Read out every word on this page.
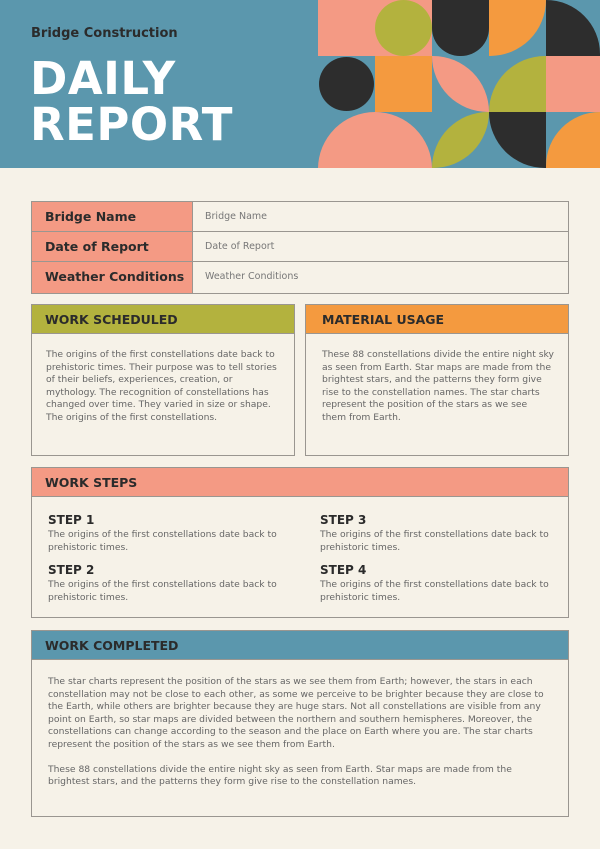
Bridge Construction
DAILY
REPORT
Bridge Name	Bridge Name
Date of Report	Date of Report
Weather Conditions	Weather Conditions
WORK SCHEDULED
The origins of the first constellations date back to prehistoric times. Their purpose was to tell stories of their beliefs, experiences, creation, or mythology. The recognition of constellations has changed over time. They varied in size or shape. The origins of the first constellations.
MATERIAL USAGE
These 88 constellations divide the entire night sky as seen from Earth. Star maps are made from the brightest stars, and the patterns they form give rise to the constellation names. The star charts represent the position of the stars as we see them from Earth.
WORK STEPS
STEP 1
The origins of the first constellations date back to prehistoric times.
STEP 2
The origins of the first constellations date back to prehistoric times.
STEP 3
The origins of the first constellations date back to prehistoric times.
STEP 4
The origins of the first constellations date back to prehistoric times.
WORK COMPLETED
The star charts represent the position of the stars as we see them from Earth; however, the stars in each constellation may not be close to each other, as some we perceive to be brighter because they are close to the Earth, while others are brighter because they are huge stars. Not all constellations are visible from any point on Earth, so star maps are divided between the northern and southern hemispheres. Moreover, the constellations can change according to the season and the place on Earth where you are. The star charts represent the position of the stars as we see them from Earth.
These 88 constellations divide the entire night sky as seen from Earth. Star maps are made from the brightest stars, and the patterns they form give rise to the constellation names.
